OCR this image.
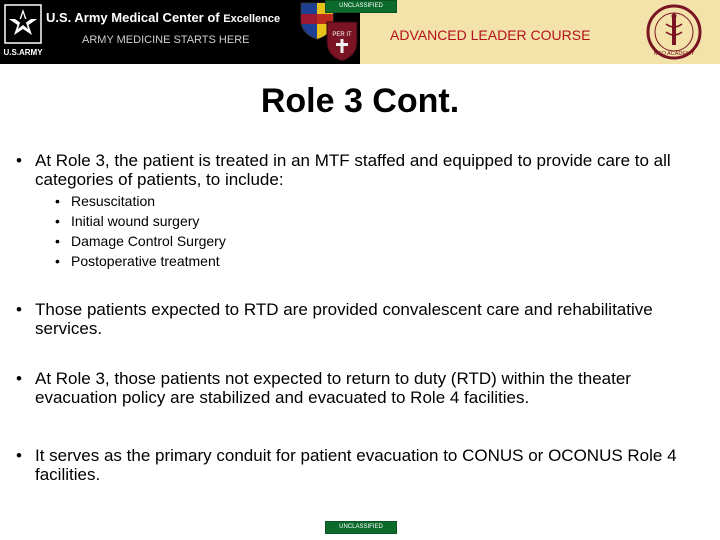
U.S.ARMY
U.S. Army Medical Center of Excellence
ARMY MEDICINE STARTS HERE	PER IT
UNCLASSIFIED
ADVANCED LEADER COURSE
NCO ACADEMY
Role 3 Cont.
• At Role 3, the patient is treated in an MTF staffed and equipped to provide care to all categories of patients, to include:
• Resuscitation
• Initial wound surgery
• Damage Control Surgery
• Postoperative treatment
• Those patients expected to RTD are provided convalescent care and rehabilitative services.
• At Role 3, those patients not expected to return to duty (RTD) within the theater evacuation policy are stabilized and evacuated to Role 4 facilities.
• It serves as the primary conduit for patient evacuation to CONUS or OCONUS Role 4 facilities.
UNCLASSIFIED
